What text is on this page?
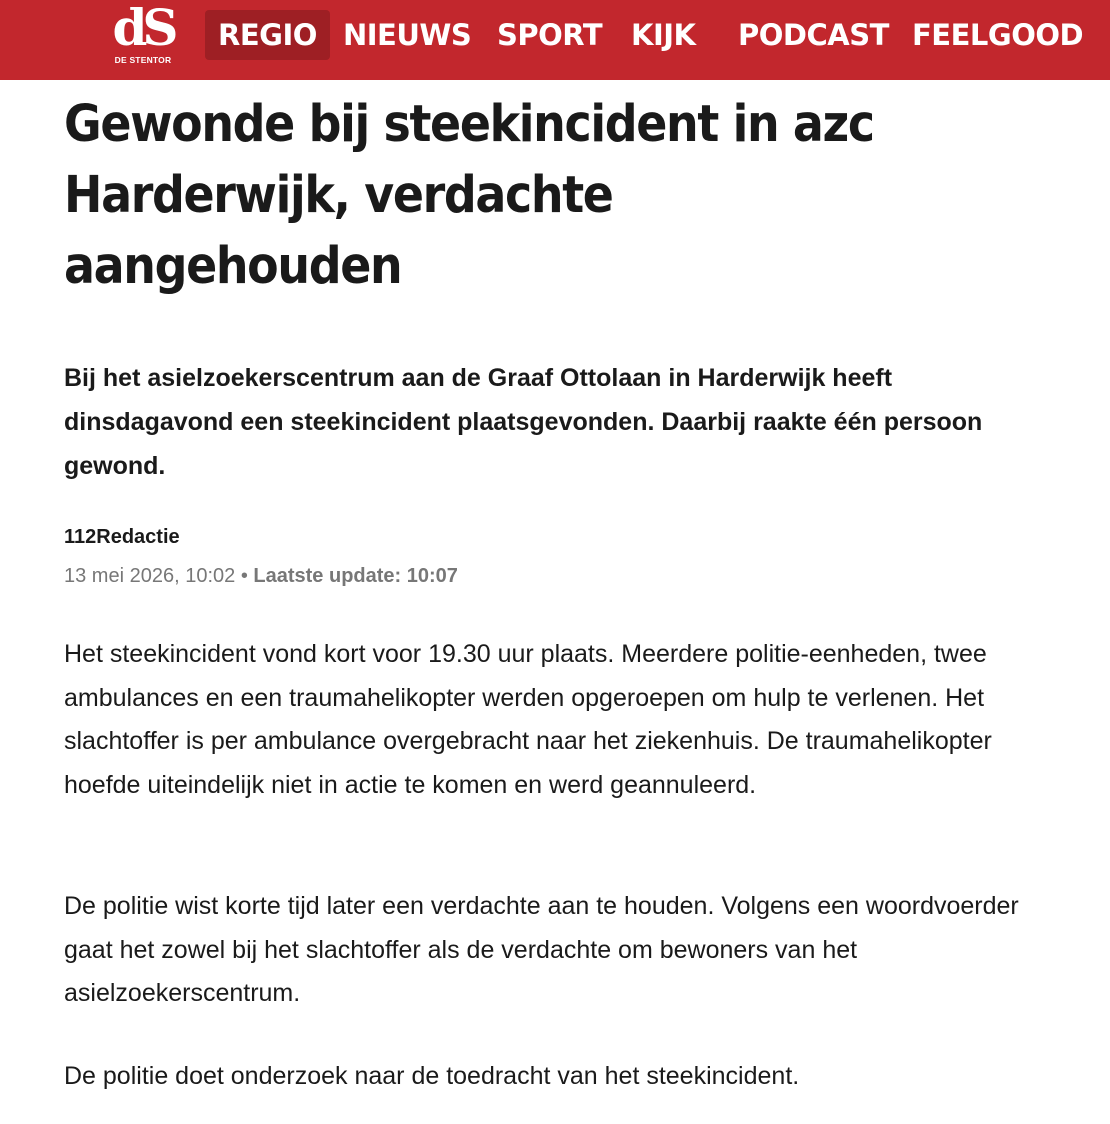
dS
DE STENTOR
REGIO NIEUWS SPORT KIJK PODCAST FEELGOOD
Gewonde bij steekincident in azc Harderwijk, verdachte aangehouden

Bij het asielzoekerscentrum aan de Graaf Ottolaan in Harderwijk heeft dinsdagavond een steekincident plaatsgevonden. Daarbij raakte één persoon gewond.

112Redactie
13 mei 2026, 10:02 • Laatste update: 10:07

Het steekincident vond kort voor 19.30 uur plaats. Meerdere politie-eenheden, twee ambulances en een traumahelikopter werden opgeroepen om hulp te verlenen. Het slachtoffer is per ambulance overgebracht naar het ziekenhuis. De traumahelikopter hoefde uiteindelijk niet in actie te komen en werd geannuleerd.

De politie wist korte tijd later een verdachte aan te houden. Volgens een woordvoerder gaat het zowel bij het slachtoffer als de verdachte om bewoners van het asielzoekerscentrum.

De politie doet onderzoek naar de toedracht van het steekincident.
